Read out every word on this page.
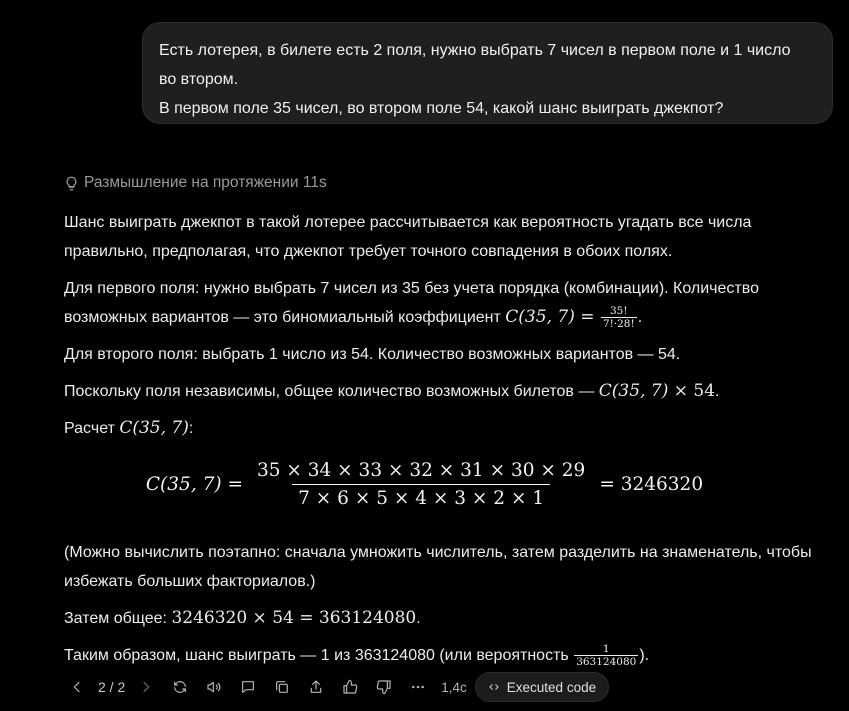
Есть лотерея, в билете есть 2 поля, нужно выбрать 7 чисел в первом поле и 1 число

во втором.

В первом поле 35 чисел, во втором поле 54, какой шанс выиграть джекпот?

Размышление на протяжении 11s

Шанс выиграть джекпот в такой лотерее рассчитывается как вероятность угадать все числа правильно, предполагая, что джекпот требует точного совпадения в обоих полях.

Для первого поля: нужно выбрать 7 чисел из 35 без учета порядка (комбинации). Количество возможных вариантов — это биномиальный коэффициент C(35, $7) = \frac{35!}{7!\cdot 28!}$ .

Для второго поля: выбрать 1 число из 54. Количество возможных вариантов — 54.

Поскольку поля независимы, общее количество возможных билетов — C(35, 7) × 54.

Расчет C(35, 7):

C(35, $7) = \frac{35 \times 34 \times 33 \times 32 \times 31 \times 30 \times 29}{7 \times 6 \times 5 \times 4 \times 3 \times 2 \times 1} = 3246320$

(Можно вычислить поэтапно: сначала умножить числитель, затем разделить на знаменатель, чтобы избежать больших факториалов.)

Затем общее: 3246320 × 54 = 363124080.

Таким образом, шанс выиграть — 1 из 363124080 (или вероятность $\frac{1}{363124080}$ ).

2 / 2	1,4с	Executed code
